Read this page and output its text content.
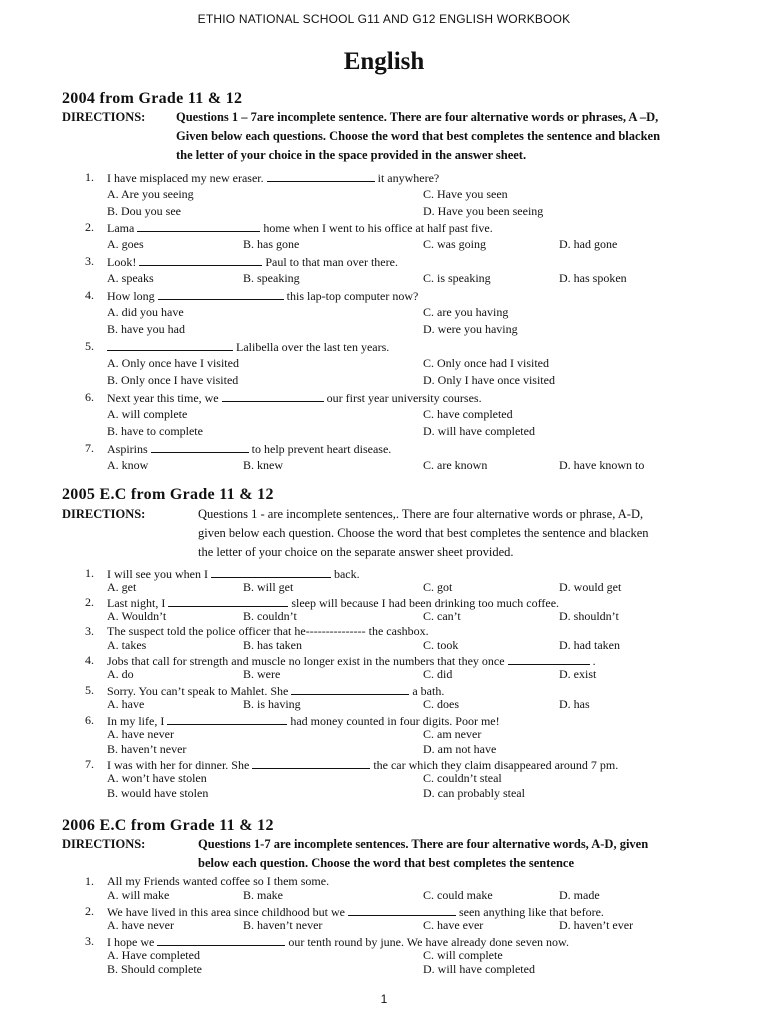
ETHIO NATIONAL SCHOOL G11 AND G12 ENGLISH WORKBOOK
English
2004 from Grade 11 & 12
DIRECTIONS: Questions 1 – 7are incomplete sentence. There are four alternative words or phrases, A –D,
Given below each questions. Choose the word that best completes the sentence and blacken
the letter of your choice in the space provided in the answer sheet.
2005 E.C from Grade 11 & 12
DIRECTIONS:	Questions 1 - are incomplete sentences,. There are four alternative words or phrase, A-D,
given below each question. Choose the word that best completes the sentence and blacken
the letter of your choice on the separate answer sheet provided.
2006 E.C from Grade 11 & 12
DIRECTIONS:	Questions 1-7 are incomplete sentences. There are four alternative words, A-D, given
below each question. Choose the word that best completes the sentence
1. I have misplaced my new eraser.	it anywhere?
A. Are you seeing	C. Have you seen
B. Dou you see	D. Have you been seeing
2. Lama	home when I went to his office at half past five.
A. goes	B. has gone	C. was going	D. had gone
3. Look!	Paul to that man over there.
A. speaks	B. speaking	C. is speaking	D. has spoken
4. How long	this lap-top computer now?
A. did you have	C. are you having
B. have you had	D. were you having
5.	Lalibella over the last ten years.
A. Only once have I visited	C. Only once had I visited
B. Only once I have visited	D. Only I have once visited
6. Next year this time, we	our first year university courses.
A. will complete	C. have completed
B. have to complete	D. will have completed
7. Aspirins	to help prevent heart disease.
A. know	B. knew	C. are known	D. have known to
1. I will see you when I	back.
A. get	B. will get	C. got	D. would get
2. Last night, I	sleep will because I had been drinking too much coffee.
A. Wouldn’t	B. couldn’t	C. can’t	D. shouldn’t
3. The suspect told the police officer that he--------------- the cashbox.
A. takes	B. has taken	C. took	D. had taken
4. Jobs that call for strength and muscle no longer exist in the numbers that they once	.
A. do	B. were	C. did	D. exist
5. Sorry. You can’t speak to Mahlet. She	a bath.
A. have	B. is having	C. does	D. has
6. In my life, I	had money counted in four digits. Poor me!
A. have never	C. am never
B. haven’t never	D. am not have
7. I was with her for dinner. She	the car which they claim disappeared around 7 pm.
A. won’t have stolen	C. couldn’t steal
B. would have stolen	D. can probably steal
1. All my Friends wanted coffee so I them some.
A. will make	B. make	C. could make	D. made
2. We have lived in this area since childhood but we	seen anything like that before.
A. have never	B. haven’t never	C. have ever	D. haven’t ever
3. I hope we	our tenth round by june. We have already done seven now.
A. Have completed	C. will complete
B. Should complete	D. will have completed
1
